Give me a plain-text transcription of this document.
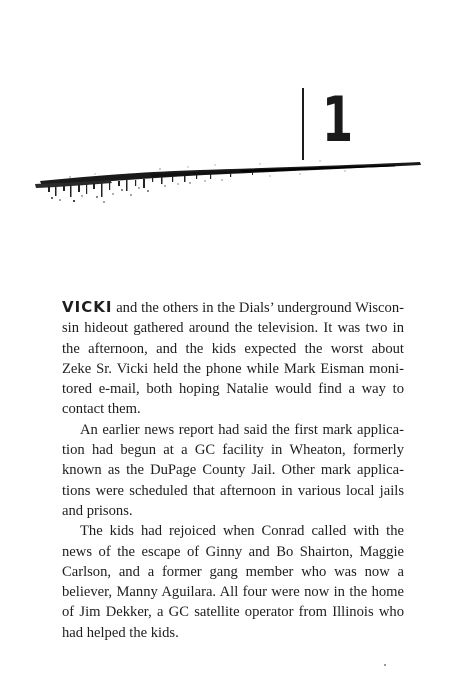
1

VICKI and the others in the Dials’ underground Wiscon-
sin hideout gathered around the television. It was two in
the afternoon, and the kids expected the worst about
Zeke Sr. Vicki held the phone while Mark Eisman moni-
tored e-mail, both hoping Natalie would find a way to
contact them.

An earlier news report had said the first mark applica-
tion had begun at a GC facility in Wheaton, formerly
known as the DuPage County Jail. Other mark applica-
tions were scheduled that afternoon in various local jails
and prisons.

The kids had rejoiced when Conrad called with the
news of the escape of Ginny and Bo Shairton, Maggie
Carlson, and a former gang member who was now a
believer, Manny Aguilara. All four were now in the home
of Jim Dekker, a GC satellite operator from Illinois who
had helped the kids.
